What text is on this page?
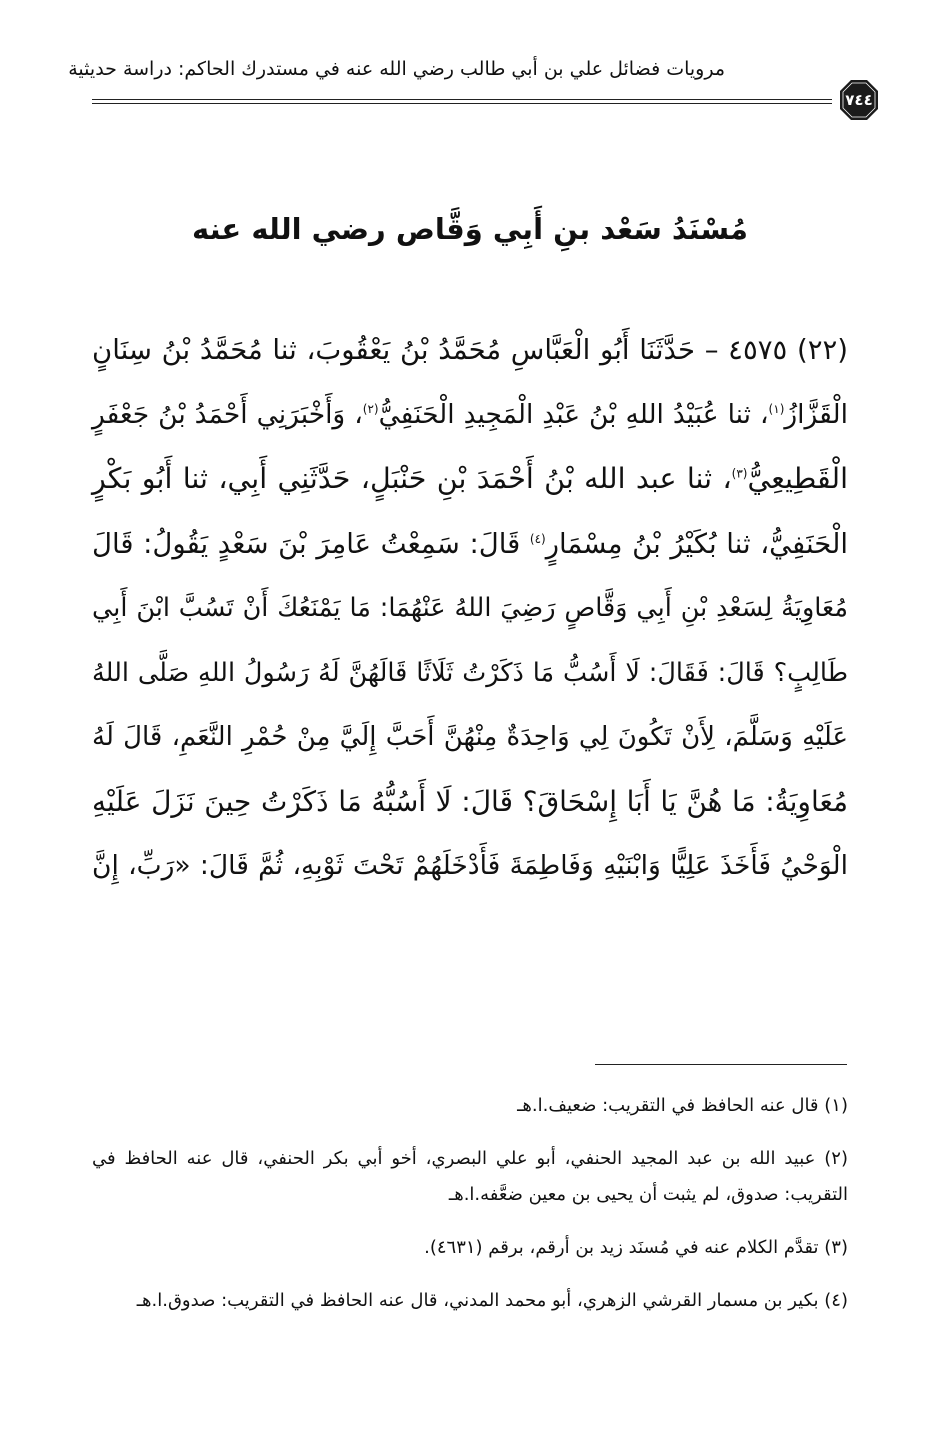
مرويات فضائل علي بن أبي طالب رضي الله عنه في مستدرك الحاكم: دراسة حديثية
٧٤٤
مُسْنَدُ سَعْد بنِ أَبِي وَقَّاص رضي الله عنه
(٢٢) ٤٥٧٥ – حَدَّثَنَا أَبُو الْعَبَّاسِ مُحَمَّدُ بْنُ يَعْقُوبَ، ثنا مُحَمَّدُ بْنُ سِنَانٍ
الْقَزَّازُ$^{(١)}$، ثنا عُبَيْدُ اللهِ بْنُ عَبْدِ الْمَجِيدِ الْحَنَفِيُّ$^{(٢)}$، وَأَخْبَرَنِي أَحْمَدُ بْنُ جَعْفَرٍ
الْقَطِيعِيُّ$^{(٣)}$، ثنا عبد الله بْنُ أَحْمَدَ بْنِ حَنْبَلٍ، حَدَّثَنِي أَبِي، ثنا أَبُو بَكْرٍ
الْحَنَفِيُّ، ثنا بُكَيْرُ بْنُ مِسْمَارٍ$^{(٤)}$ قَالَ: سَمِعْتُ عَامِرَ بْنَ سَعْدٍ يَقُولُ: قَالَ
مُعَاوِيَةُ لِسَعْدِ بْنِ أَبِي وَقَّاصٍ رَضِيَ اللهُ عَنْهُمَا: مَا يَمْنَعُكَ أَنْ تَسُبَّ ابْنَ أَبِي
طَالِبٍ؟ قَالَ: فَقَالَ: لَا أَسُبُّ مَا ذَكَرْتُ ثَلَاثًا قَالَهُنَّ لَهُ رَسُولُ اللهِ صَلَّى اللهُ
عَلَيْهِ وَسَلَّمَ، لِأَنْ تَكُونَ لِي وَاحِدَةٌ مِنْهُنَّ أَحَبَّ إِلَيَّ مِنْ حُمْرِ النَّعَمِ، قَالَ لَهُ
مُعَاوِيَةُ: مَا هُنَّ يَا أَبَا إِسْحَاقَ؟ قَالَ: لَا أَسُبُّهُ مَا ذَكَرْتُ حِينَ نَزَلَ عَلَيْهِ
الْوَحْيُ فَأَخَذَ عَلِيًّا وَابْنَيْهِ وَفَاطِمَةَ فَأَدْخَلَهُمْ تَحْتَ ثَوْبِهِ، ثُمَّ قَالَ: «رَبِّ، إِنَّ
(١) قال عنه الحافظ في التقريب: ضعيف.ا.هـ
(٢) عبيد الله بن عبد المجيد الحنفي، أبو علي البصري، أخو أبي بكر الحنفي، قال عنه الحافظ في التقريب: صدوق، لم يثبت أن يحيى بن معين ضعَّفه.ا.هـ
(٣) تقدَّم الكلام عنه في مُسنَد زيد بن أرقم، برقم (٤٦٣١).
(٤) بكير بن مسمار القرشي الزهري، أبو محمد المدني، قال عنه الحافظ في التقريب: صدوق.ا.هـ
